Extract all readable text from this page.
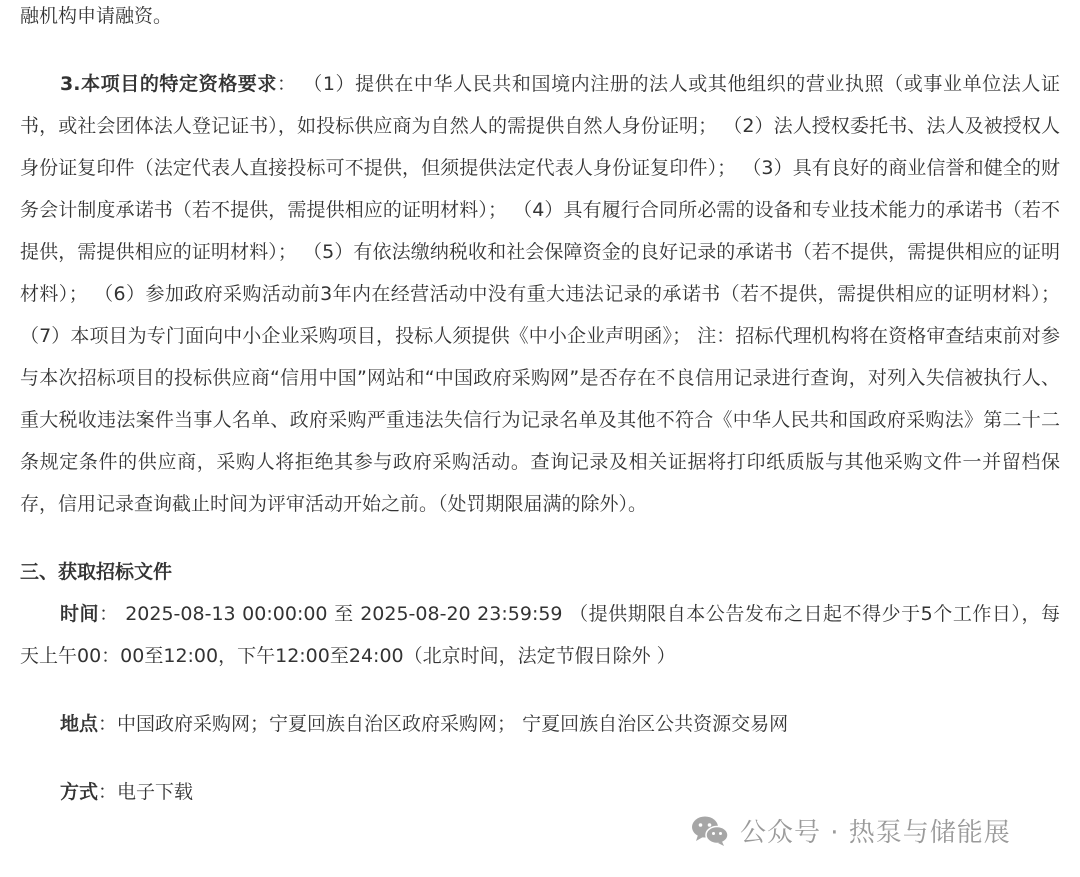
融机构申请融资。

3.本项目的特定资格要求： （1）提供在中华人民共和国境内注册的法人或其他组织的营业执照（或事业单位法人证书，或社会团体法人登记证书），如投标供应商为自然人的需提供自然人身份证明； （2）法人授权委托书、法人及被授权人身份证复印件（法定代表人直接投标可不提供，但须提供法定代表人身份证复印件）； （3）具有良好的商业信誉和健全的财务会计制度承诺书（若不提供，需提供相应的证明材料）； （4）具有履行合同所必需的设备和专业技术能力的承诺书（若不提供，需提供相应的证明材料）； （5）有依法缴纳税收和社会保障资金的良好记录的承诺书（若不提供，需提供相应的证明材料）； （6）参加政府采购活动前3年内在经营活动中没有重大违法记录的承诺书（若不提供，需提供相应的证明材料）； （7）本项目为专门面向中小企业采购项目，投标人须提供《中小企业声明函》； 注：招标代理机构将在资格审查结束前对参与本次招标项目的投标供应商“信用中国”网站和“中国政府采购网”是否存在不良信用记录进行查询，对列入失信被执行人、重大税收违法案件当事人名单、政府采购严重违法失信行为记录名单及其他不符合《中华人民共和国政府采购法》第二十二条规定条件的供应商，采购人将拒绝其参与政府采购活动。查询记录及相关证据将打印纸质版与其他采购文件一并留档保存，信用记录查询截止时间为评审活动开始之前。（处罚期限届满的除外）。

三、获取招标文件

时间： 2025-08-13 00:00:00 至 2025-08-20 23:59:59 （提供期限自本公告发布之日起不得少于5个工作日），每天上午00：00至12:00，下午12:00至24:00（北京时间，法定节假日除外 ）

地点：中国政府采购网；宁夏回族自治区政府采购网； 宁夏回族自治区公共资源交易网

方式：电子下载

公众号 · 热泵与储能展
